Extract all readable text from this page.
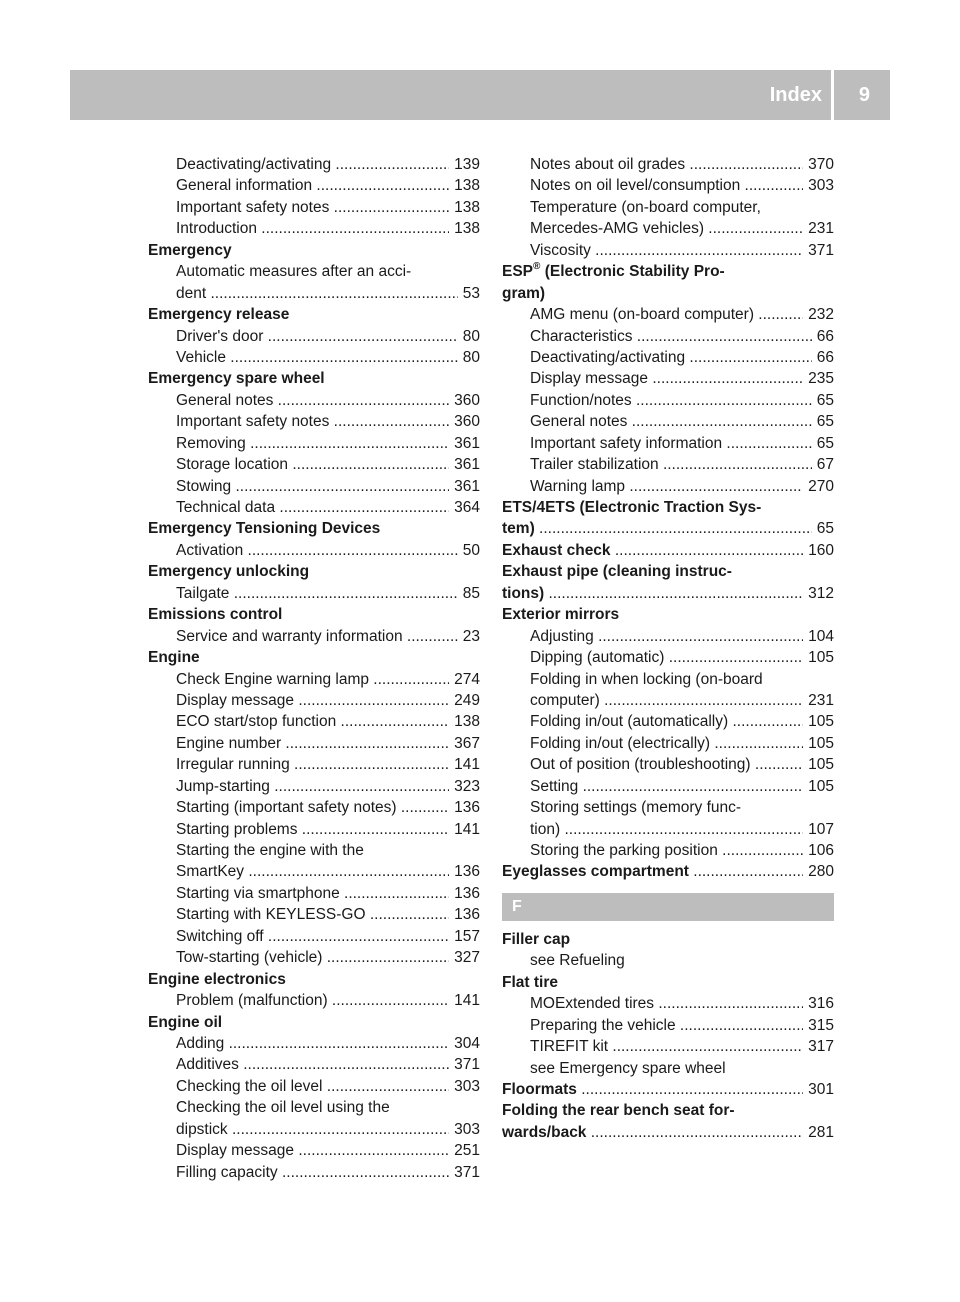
Index 9
Deactivating/activating .....	139
General information .....	138
Important safety notes .....	138
Introduction .....	138
Emergency
Automatic measures after an acci-
dent .....	53
Emergency release
Driver's door .....	80
Vehicle .....	80
Emergency spare wheel
General notes .....	360
Important safety notes .....	360
Removing .....	361
Storage location .....	361
Stowing .....	361
Technical data .....	364
Emergency Tensioning Devices
Activation .....	50
Emergency unlocking
Tailgate .....	85
Emissions control
Service and warranty information .....	23
Engine
Check Engine warning lamp .....	274
Display message .....	249
ECO start/stop function .....	138
Engine number .....	367
Irregular running .....	141
Jump-starting .....	323
Starting (important safety notes) .....	136
Starting problems .....	141
Starting the engine with the
SmartKey .....	136
Starting via smartphone .....	136
Starting with KEYLESS-GO .....	136
Switching off .....	157
Tow-starting (vehicle) .....	327
Engine electronics
Problem (malfunction) .....	141
Engine oil
Adding .....	304
Additives .....	371
Checking the oil level .....	303
Checking the oil level using the
dipstick .....	303
Display message .....	251
Filling capacity .....	371
Notes about oil grades .....	370
Notes on oil level/consumption .....	303
Temperature (on-board computer,
Mercedes-AMG vehicles) .....	231
Viscosity .....	371
ESP® (Electronic Stability Pro-
gram)
AMG menu (on-board computer) .....	232
Characteristics .....	66
Deactivating/activating .....	66
Display message .....	235
Function/notes .....	65
General notes .....	65
Important safety information .....	65
Trailer stabilization .....	67
Warning lamp .....	270
ETS/4ETS (Electronic Traction Sys-
tem) .....	65
Exhaust check .....	160
Exhaust pipe (cleaning instruc-
tions) .....	312
Exterior mirrors
Adjusting .....	104
Dipping (automatic) .....	105
Folding in when locking (on-board
computer) .....	231
Folding in/out (automatically) .....	105
Folding in/out (electrically) .....	105
Out of position (troubleshooting) .....	105
Setting .....	105
Storing settings (memory func-
tion) .....	107
Storing the parking position .....	106
Eyeglasses compartment .....	280
F
Filler cap
see Refueling
Flat tire
MOExtended tires .....	316
Preparing the vehicle .....	315
TIREFIT kit .....	317
see Emergency spare wheel
Floormats .....	301
Folding the rear bench seat for-
wards/back .....	281
